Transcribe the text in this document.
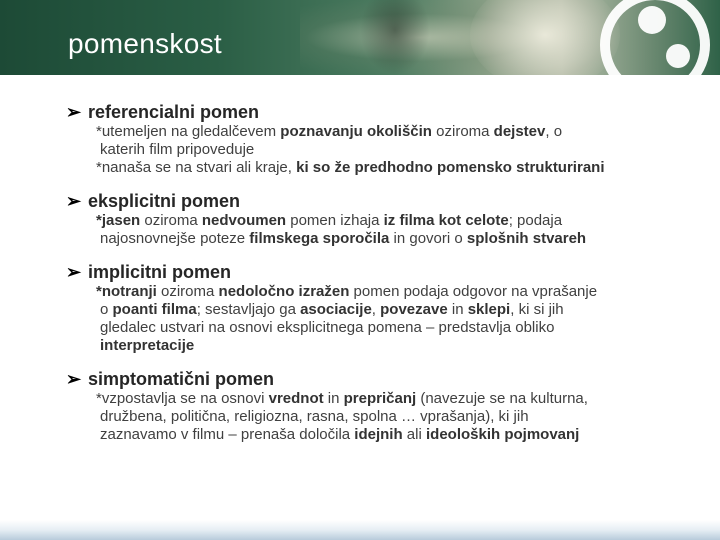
pomenskost
➢ referencialni pomen
*utemeljen na gledalčevem poznavanju okoliščin oziroma dejstev, o
katerih film pripoveduje
*nanaša se na stvari ali kraje, ki so že predhodno pomensko strukturirani
➢ eksplicitni pomen
*jasen oziroma nedvoumen pomen izhaja iz filma kot celote; podaja
najosnovnejše poteze filmskega sporočila in govori o splošnih stvareh
➢ implicitni pomen
*notranji oziroma nedoločno izražen pomen podaja odgovor na vprašanje
o poanti filma; sestavljajo ga asociacije, povezave in sklepi, ki si jih
gledalec ustvari na osnovi eksplicitnega pomena – predstavlja obliko
interpretacije
➢ simptomatični pomen
*vzpostavlja se na osnovi vrednot in prepričanj (navezuje se na kulturna,
družbena, politična, religiozna, rasna, spolna … vprašanja), ki jih
zaznavamo v filmu – prenaša določila idejnih ali ideoloških pojmovanj
